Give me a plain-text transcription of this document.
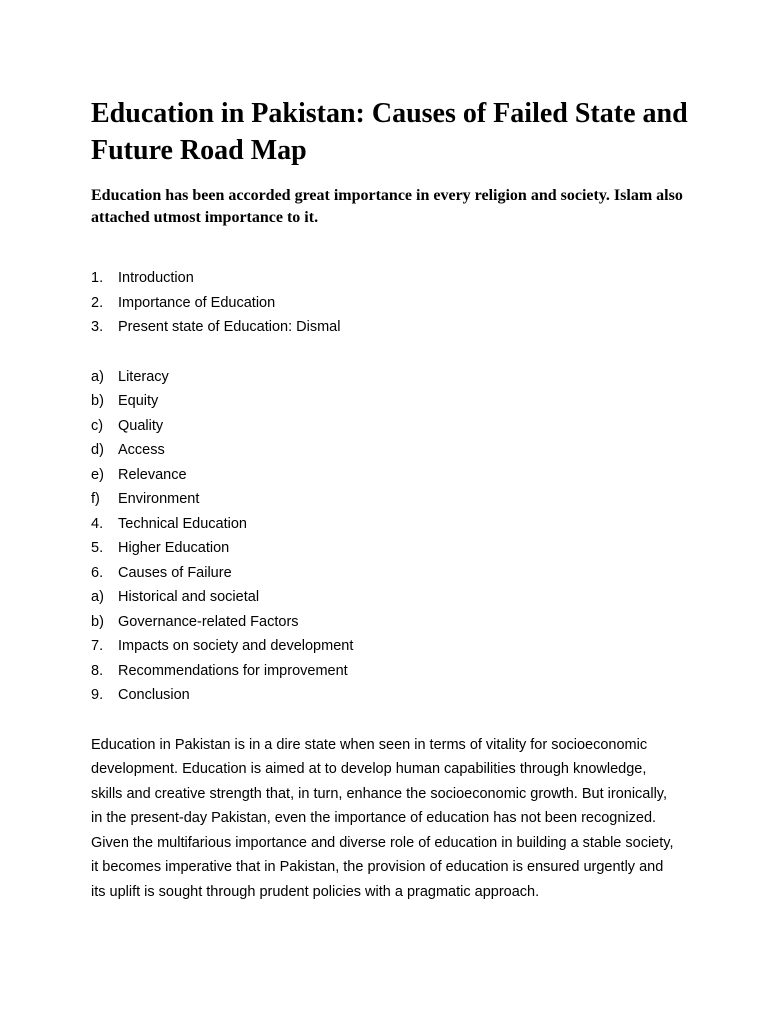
Education in Pakistan: Causes of Failed State and Future Road Map

Education has been accorded great importance in every religion and society. Islam also attached utmost importance to it.

1.	Introduction
2.	Importance of Education
3.	Present state of Education: Dismal
a) Literacy
b) Equity
c)	Quality
d) Access
e) Relevance
f)	Environment
4.	Technical Education
5.	Higher Education
6.	Causes of Failure
a) Historical and societal
b) Governance-related Factors
7.	Impacts on society and development
8.	Recommendations for improvement
9.	Conclusion

Education in Pakistan is in a dire state when seen in terms of vitality for socioeconomic development. Education is aimed at to develop human capabilities through knowledge, skills and creative strength that, in turn, enhance the socioeconomic growth. But ironically, in the present-day Pakistan, even the importance of education has not been recognized. Given the multifarious importance and diverse role of education in building a stable society, it becomes imperative that in Pakistan, the provision of education is ensured urgently and its uplift is sought through prudent policies with a pragmatic approach.
